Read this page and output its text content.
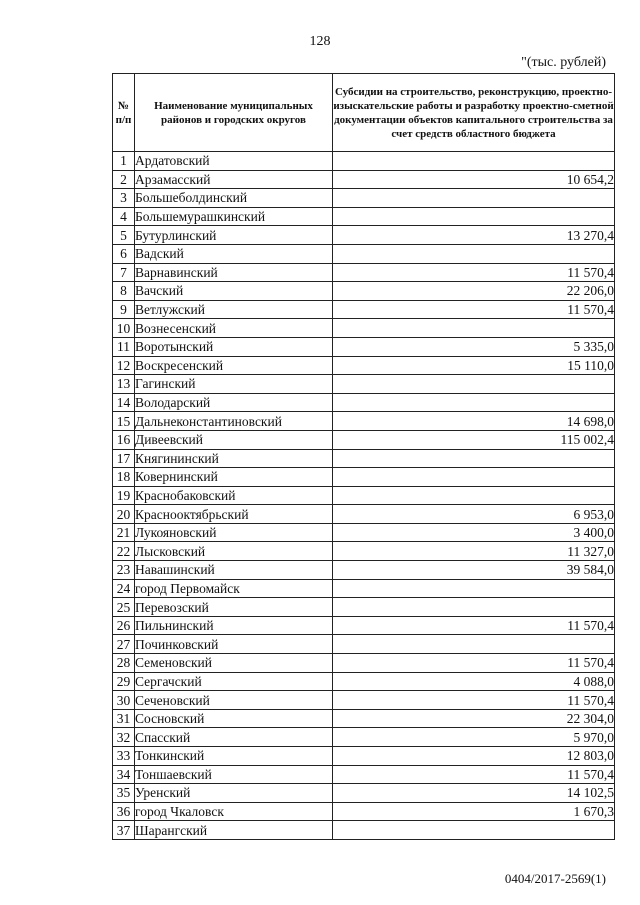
128
"(тыс. рублей)
№ п/п	Наименование муниципальных районов и городских округов	Субсидии на строительство, реконструкцию, проектно-изыскательские работы и разработку проектно-сметной документации объектов капитального строительства за счет средств областного бюджета
1	Ардатовский	
2	Арзамасский	10 654,2
3	Большеболдинский	
4	Большемурашкинский	
5	Бутурлинский	13 270,4
6	Вадский	
7	Варнавинский	11 570,4
8	Вачский	22 206,0
9	Ветлужский	11 570,4
10	Вознесенский	
11	Воротынский	5 335,0
12	Воскресенский	15 110,0
13	Гагинский	
14	Володарский	
15	Дальнеконстантиновский	14 698,0
16	Дивеевский	115 002,4
17	Княгининский	
18	Ковернинский	
19	Краснобаковский	
20	Краснооктябрьский	6 953,0
21	Лукояновский	3 400,0
22	Лысковский	11 327,0
23	Навашинский	39 584,0
24	город Первомайск	
25	Перевозский	
26	Пильнинский	11 570,4
27	Починковский	
28	Семеновский	11 570,4
29	Сергачский	4 088,0
30	Сеченовский	11 570,4
31	Сосновский	22 304,0
32	Спасский	5 970,0
33	Тонкинский	12 803,0
34	Тоншаевский	11 570,4
35	Уренский	14 102,5
36	город Чкаловск	1 670,3
37	Шарангский	
0404/2017-2569(1)
